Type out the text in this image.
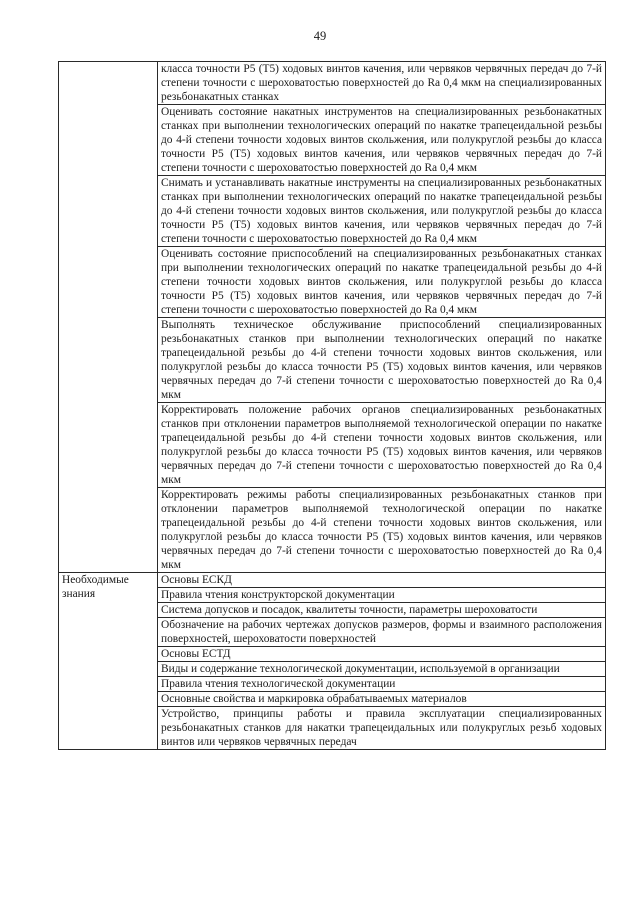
49
	класса точности P5 (T5) ходовых винтов качения, или червяков червячных передач до 7-й степени точности с шероховатостью поверхностей до Ra 0,4 мкм на специализированных резьбонакатных станках
	Оценивать состояние накатных инструментов на специализированных резьбонакатных станках при выполнении технологических операций по накатке трапецеидальной резьбы до 4-й степени точности ходовых винтов скольжения, или полукруглой резьбы до класса точности P5 (T5) ходовых винтов качения, или червяков червячных передач до 7-й степени точности с шероховатостью поверхностей до Ra 0,4 мкм
	Снимать и устанавливать накатные инструменты на специализированных резьбонакатных станках при выполнении технологических операций по накатке трапецеидальной резьбы до 4-й степени точности ходовых винтов скольжения, или полукруглой резьбы до класса точности P5 (T5) ходовых винтов качения, или червяков червячных передач до 7-й степени точности с шероховатостью поверхностей до Ra 0,4 мкм
	Оценивать состояние приспособлений на специализированных резьбонакатных станках при выполнении технологических операций по накатке трапецеидальной резьбы до 4-й степени точности ходовых винтов скольжения, или полукруглой резьбы до класса точности P5 (T5) ходовых винтов качения, или червяков червячных передач до 7-й степени точности с шероховатостью поверхностей до Ra 0,4 мкм
	Выполнять техническое обслуживание приспособлений специализированных резьбонакатных станков при выполнении технологических операций по накатке трапецеидальной резьбы до 4-й степени точности ходовых винтов скольжения, или полукруглой резьбы до класса точности P5 (T5) ходовых винтов качения, или червяков червячных передач до 7-й степени точности с шероховатостью поверхностей до Ra 0,4 мкм
	Корректировать положение рабочих органов специализированных резьбонакатных станков при отклонении параметров выполняемой технологической операции по накатке трапецеидальной резьбы до 4-й степени точности ходовых винтов скольжения, или полукруглой резьбы до класса точности P5 (T5) ходовых винтов качения, или червяков червячных передач до 7-й степени точности с шероховатостью поверхностей до Ra 0,4 мкм
	Корректировать режимы работы специализированных резьбонакатных станков при отклонении параметров выполняемой технологической операции по накатке трапецеидальной резьбы до 4-й степени точности ходовых винтов скольжения, или полукруглой резьбы до класса точности P5 (T5) ходовых винтов качения, или червяков червячных передач до 7-й степени точности с шероховатостью поверхностей до Ra 0,4 мкм
Необходимые знания	Основы ЕСКД
	Правила чтения конструкторской документации
	Система допусков и посадок, квалитеты точности, параметры шероховатости
	Обозначение на рабочих чертежах допусков размеров, формы и взаимного расположения поверхностей, шероховатости поверхностей
	Основы ЕСТД
	Виды и содержание технологической документации, используемой в организации
	Правила чтения технологической документации
	Основные свойства и маркировка обрабатываемых материалов
	Устройство, принципы работы и правила эксплуатации специализированных резьбонакатных станков для накатки трапецеидальных или полукруглых резьб ходовых винтов или червяков червячных передач
